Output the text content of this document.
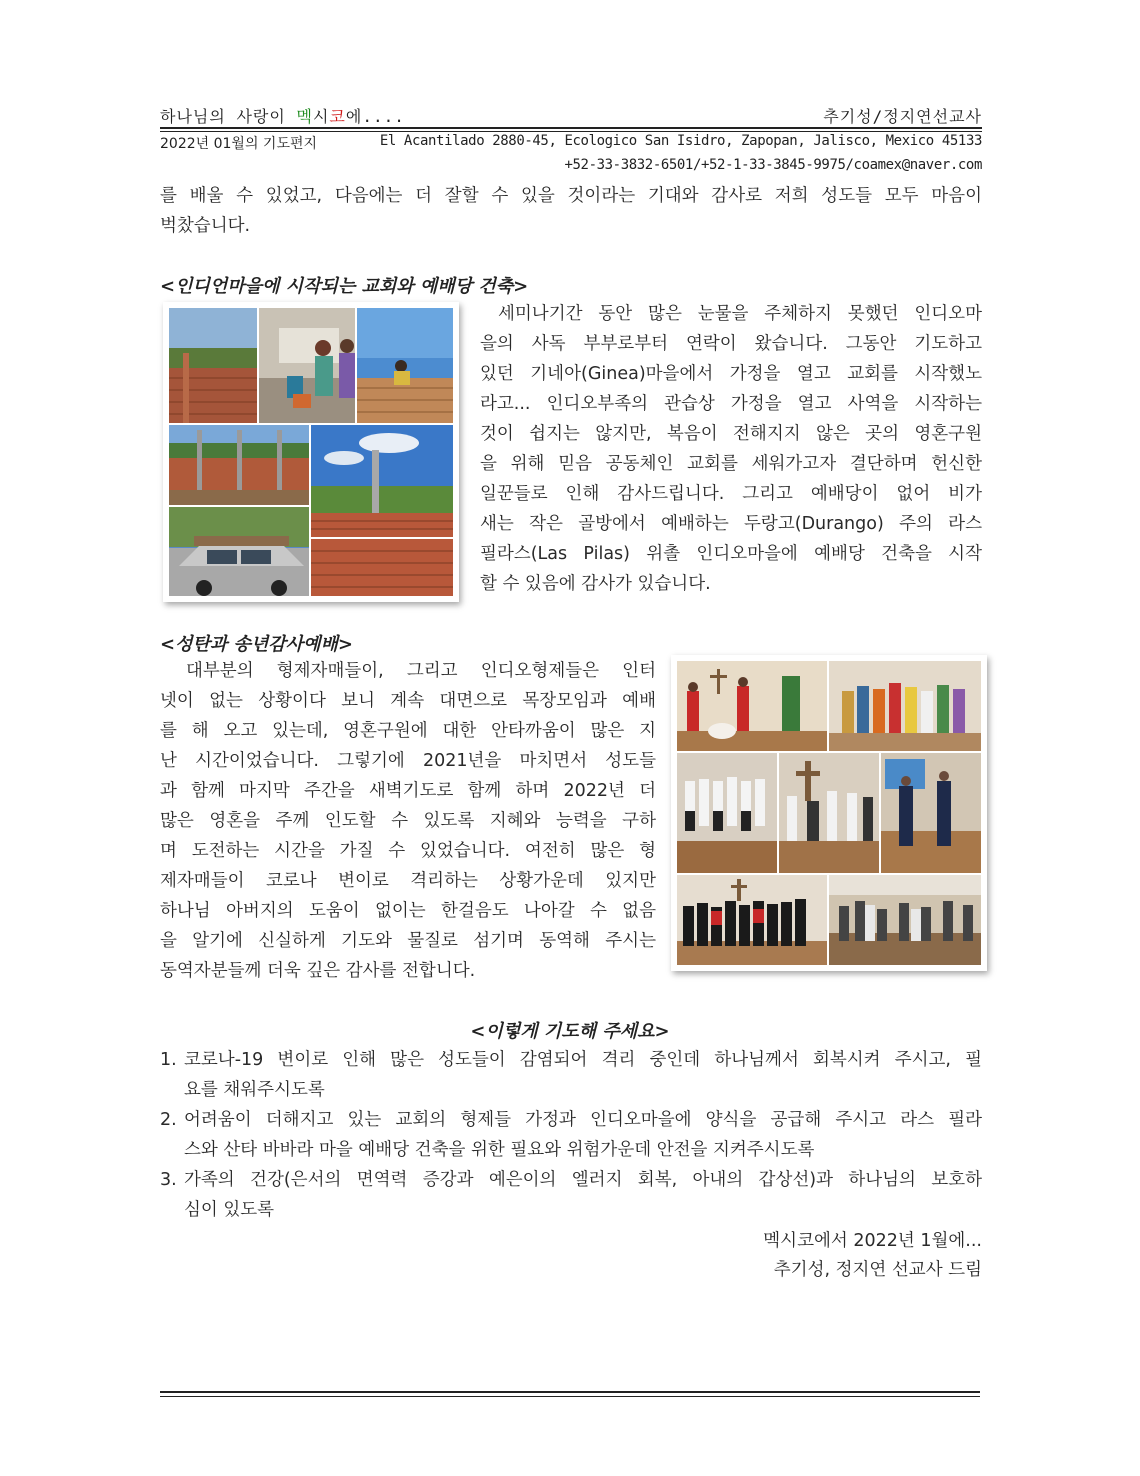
하나님의 사랑이 멕시코에....	추기성/정지연선교사
2022년 01월의 기도편지	El Acantilado 2880-45, Ecologico San Isidro, Zapopan, Jalisco, Mexico 45133
+52-33-3832-6501/+52-1-33-3845-9975/coamex@naver.com
를 배울 수 있었고, 다음에는 더 잘할 수 있을 것이라는 기대와 감사로 저희 성도들 모두 마음이
벅찼습니다.
<인디언마을에 시작되는 교회와 예배당 건축>
세미나기간 동안 많은 눈물을 주체하지 못했던 인디오마
을의 사독 부부로부터 연락이 왔습니다. 그동안 기도하고
있던 기네아(Ginea)마을에서 가정을 열고 교회를 시작했노
라고... 인디오부족의 관습상 가정을 열고 사역을 시작하는
것이 쉽지는 않지만, 복음이 전해지지 않은 곳의 영혼구원
을 위해 믿음 공동체인 교회를 세워가고자 결단하며 헌신한
일꾼들로 인해 감사드립니다. 그리고 예배당이 없어 비가
새는 작은 골방에서 예배하는 두랑고(Durango) 주의 라스
필라스(Las Pilas) 위촐 인디오마을에 예배당 건축을 시작
할 수 있음에 감사가 있습니다.
<성탄과 송년감사예배>
대부분의 형제자매들이, 그리고 인디오형제들은 인터
넷이 없는 상황이다 보니 계속 대면으로 목장모임과 예배
를 해 오고 있는데, 영혼구원에 대한 안타까움이 많은 지
난 시간이었습니다. 그렇기에 2021년을 마치면서 성도들
과 함께 마지막 주간을 새벽기도로 함께 하며 2022년 더
많은 영혼을 주께 인도할 수 있도록 지혜와 능력을 구하
며 도전하는 시간을 가질 수 있었습니다. 여전히 많은 형
제자매들이 코로나 변이로 격리하는 상황가운데 있지만
하나님 아버지의 도움이 없이는 한걸음도 나아갈 수 없음
을 알기에 신실하게 기도와 물질로 섬기며 동역해 주시는
동역자분들께 더욱 깊은 감사를 전합니다.
<이렇게 기도해 주세요>
1. 코로나-19 변이로 인해 많은 성도들이 감염되어 격리 중인데 하나님께서 회복시켜 주시고, 필
요를 채워주시도록
2. 어려움이 더해지고 있는 교회의 형제들 가정과 인디오마을에 양식을 공급해 주시고 라스 필라
스와 산타 바바라 마을 예배당 건축을 위한 필요와 위험가운데 안전을 지켜주시도록
3. 가족의 건강(은서의 면역력 증강과 예은이의 엘러지 회복, 아내의 갑상선)과 하나님의 보호하
심이 있도록
멕시코에서 2022년 1월에...
추기성, 정지연 선교사 드림
